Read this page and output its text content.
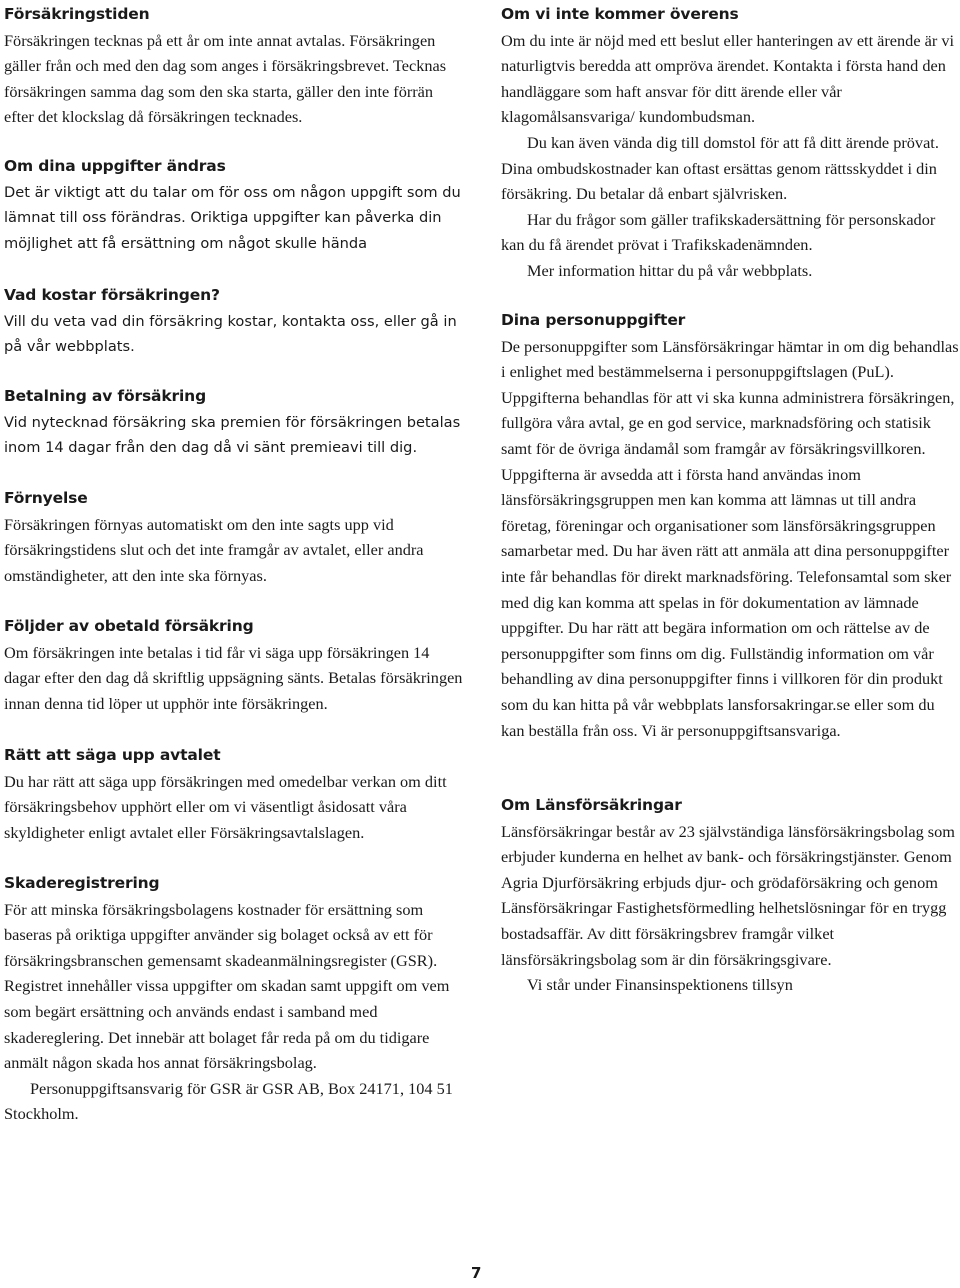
Försäkringstiden

Försäkringen tecknas på ett år om inte annat avtalas. Försäkringen gäller från och med den dag som anges i försäkringsbrevet. Tecknas försäkringen samma dag som den ska starta, gäller den inte förrän efter det klockslag då försäkringen tecknades.

Om dina uppgifter ändras

Det är viktigt att du talar om för oss om någon uppgift som du lämnat till oss förändras. Oriktiga uppgifter kan påverka din möjlighet att få ersättning om något skulle hända

Vad kostar försäkringen?

Vill du veta vad din försäkring kostar, kontakta oss, eller gå in på vår webbplats.

Betalning av försäkring

Vid nytecknad försäkring ska premien för försäkringen betalas inom 14 dagar från den dag då vi sänt premieavi till dig.

Förnyelse

Försäkringen förnyas automatiskt om den inte sagts upp vid försäkringstidens slut och det inte framgår av avtalet, eller andra omständigheter, att den inte ska förnyas.

Följder av obetald försäkring

Om försäkringen inte betalas i tid får vi säga upp försäkringen 14 dagar efter den dag då skriftlig uppsägning sänts. Betalas försäkringen innan denna tid löper ut upphör inte försäkringen.

Rätt att säga upp avtalet

Du har rätt att säga upp försäkringen med omedelbar verkan om ditt försäkringsbehov upphört eller om vi väsentligt åsidosatt våra skyldigheter enligt avtalet eller Försäkringsavtalslagen.

Skaderegistrering

För att minska försäkringsbolagens kostnader för ersättning som baseras på oriktiga uppgifter använder sig bolaget också av ett för försäkringsbranschen gemensamt skadeanmälningsregister (GSR). Registret innehåller vissa uppgifter om skadan samt uppgift om vem som begärt ersättning och används endast i samband med skadereglering. Det innebär att bolaget får reda på om du tidigare anmält någon skada hos annat försäkringsbolag.

Personuppgiftsansvarig för GSR är GSR AB, Box 24171, 104 51 Stockholm.

Om vi inte kommer överens

Om du inte är nöjd med ett beslut eller hanteringen av ett ärende är vi naturligtvis beredda att ompröva ärendet. Kontakta i första hand den handläggare som haft ansvar för ditt ärende eller vår klagomålsansvariga/ kundombudsman.

Du kan även vända dig till domstol för att få ditt ärende prövat. Dina ombudskostnader kan oftast ersättas genom rättsskyddet i din försäkring. Du betalar då enbart självrisken.

Har du frågor som gäller trafikskadersättning för personskador kan du få ärendet prövat i Trafikskadenämnden.

Mer information hittar du på vår webbplats.

Dina personuppgifter

De personuppgifter som Länsförsäkringar hämtar in om dig behandlas i enlighet med bestämmelserna i personuppgiftslagen (PuL). Uppgifterna behandlas för att vi ska kunna administrera försäkringen, fullgöra våra avtal, ge en god service, marknadsföring och statisik samt för de övriga ändamål som framgår av försäkringsvillkoren. Uppgifterna är avsedda att i första hand användas inom länsförsäkringsgruppen men kan komma att lämnas ut till andra företag, föreningar och organisationer som länsförsäkringsgruppen samarbetar med. Du har även rätt att anmäla att dina personuppgifter inte får behandlas för direkt marknadsföring. Telefonsamtal som sker med dig kan komma att spelas in för dokumentation av lämnade uppgifter. Du har rätt att begära information om och rättelse av de personuppgifter som finns om dig. Fullständig information om vår behandling av dina personuppgifter finns i villkoren för din produkt som du kan hitta på vår webbplats lansforsakringar.se eller som du kan beställa från oss. Vi är personuppgiftsansvariga.

Om Länsförsäkringar

Länsförsäkringar består av 23 självständiga länsförsäkringsbolag som erbjuder kunderna en helhet av bank- och försäkringstjänster. Genom Agria Djurförsäkring erbjuds djur- och grödaförsäkring och genom Länsförsäkringar Fastighetsförmedling helhetslösningar för en trygg bostadsaffär. Av ditt försäkringsbrev framgår vilket länsförsäkringsbolag som är din försäkringsgivare.

Vi står under Finansinspektionens tillsyn

7
